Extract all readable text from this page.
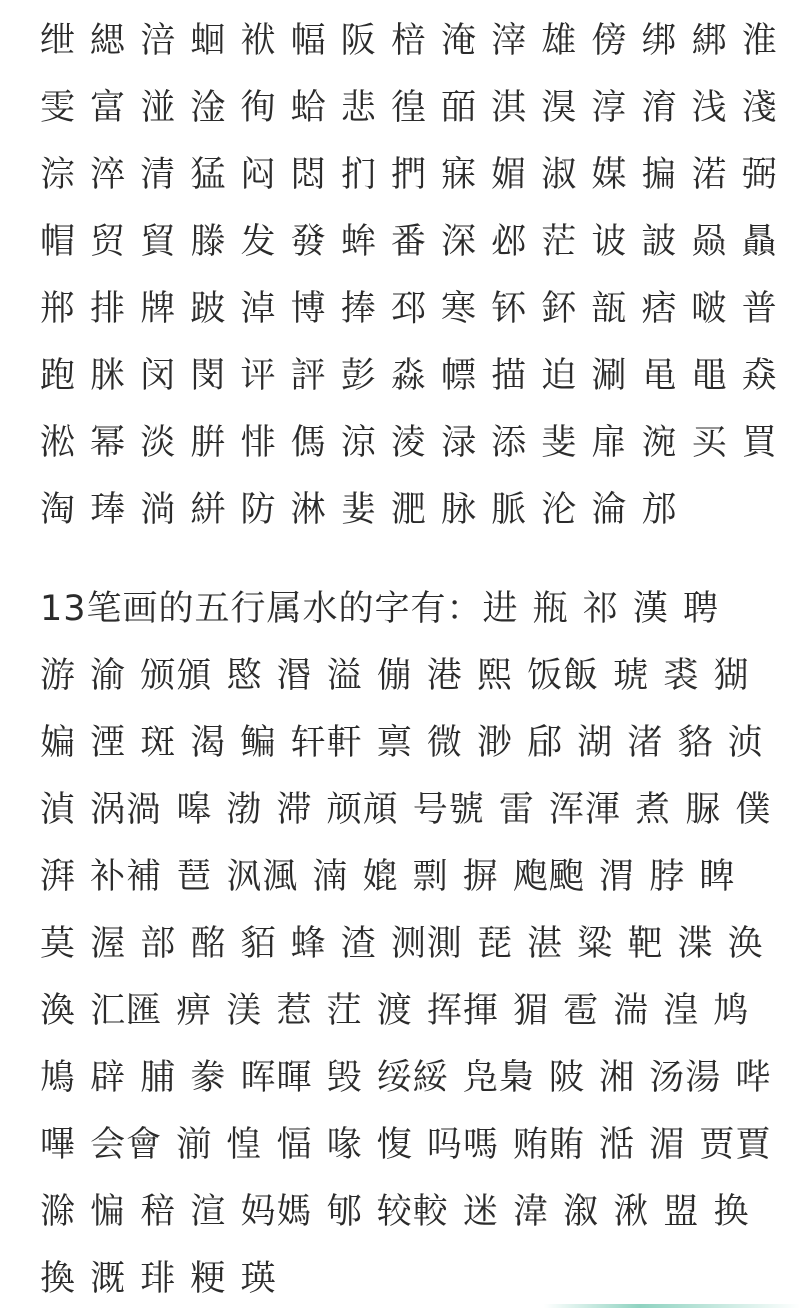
绁 緦 涪 蛔 袱 幅 阪 棓 淹 滓 雄 傍 绑 綁 淮
雯 富 湴 淦 徇 蛤 悲 徨 皕 淇 湨 淳 淯 浅 淺
淙 淬 清 猛 闷 悶 扪 捫 寐 媚 淑 媒 揙 渃 弼
帽 贸 貿 滕 发 發 蛑 番 深 邲 茫 诐 詖 赑 贔
郱 排 牌 跛 淖 博 捧 邳 寒 钚 鈈 瓿 痞 啵 普
跑 脒 闵 閔 评 評 彭 淼 幖 描 迫 涮 黾 黽 猋
淞 幂 淡 腁 悱 傌 涼 淩 渌 添 斐 扉 涴 买 買
淘 琫 淌 絣 防 淋 婓 淝 脉 脈 沦 淪 邡
13笔画的五行属水的字有：进 瓶 祁 漢 聘
游 渝 颁頒 愍 湣 溢 傰 港 熙 饭飯 琥 裘 猢
媥 湮 斑 渴 鳊 轩軒 禀 微 渺 郈 湖 渚 貉 浈
湞 涡渦 嗥 渤 滞 颃頏 号號 雷 浑渾 煮 脲 僕
湃 补補 琶 沨渢 湳 媲 剽 摒 飑颮 渭 脖 睥
莫 渥 部 酩 貊 蜂 渣 测測 琵 湛 粱 靶 渫 涣
渙 汇匯 痹 渼 惹 茳 渡 挥揮 猸 雹 湍 湟 鸠
鳩 辟 脯 豢 晖暉 毁 绥綏 凫梟 陂 湘 汤湯 哔
嗶 会會 湔 惶 愊 喙 愎 吗嗎 贿賄 湉 湄 贾賈
滁 惼 稖 渲 妈媽 郇 较較 迷 湋 溆 湫 盟 换
換 溉 琲 粳 瑛
